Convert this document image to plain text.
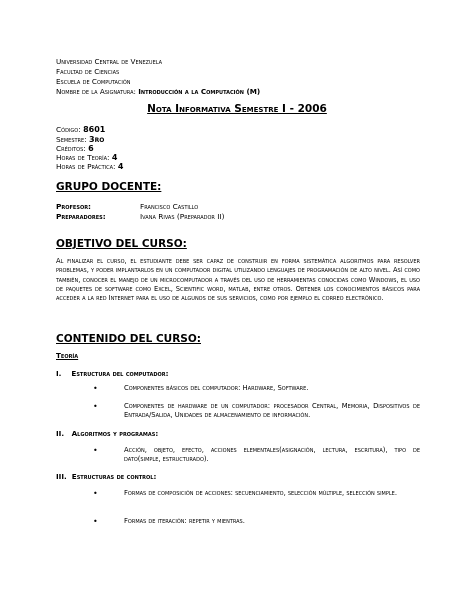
Universidad Central de Venezuela
Facultad de Ciencias
Escuela de Computación
Nombre de la Asignatura: Introducción a la Computación (M)
Nota Informativa Semestre I - 2006
Código: 8601
Semestre: 3ro
Créditos: 6
Horas de Teoría: 4
Horas de Práctica: 4
GRUPO DOCENTE:
Profesor:	Francisco Castillo
Preparadores:	Ivana Rivas (Preparador II)
OBJETIVO DEL CURSO:

Al finalizar el curso, el estudiante debe ser capaz de construir en forma sistemática algoritmos para resolver problemas, y poder implantarlos en un computador digital utilizando lenguajes de programación de alto nivel. Así como también, conocer el manejo de un microcomputador a través del uso de herramientas conocidas como Windows, el uso de paquetes de software como Excel, Scientific word, matlab, entre otros. Obtener los conocimientos básicos para acceder a la red Internet para el uso de algunos de sus servicios, como por ejemplo el correo electrónico.

CONTENIDO DEL CURSO:
Teoría
I. Estructura del computador:
•	Componentes básicos del computador: Hardware, Software.

•	Componentes de hardware de un computador: procesador Central, Memoria, Dispositivos de Entrada/Salida, Unidades de almacenamiento de información.

II. Algoritmos y programas:
•	Acción, objeto, efecto, acciones elementales(asignación, lectura, escritura), tipo de dato(simple, estructurado).

III. Estructuras de control:
•	Formas de composición de acciones: secuenciamiento, selección múltiple, selección simple.

•	Formas de iteración: repetir y mientras.
